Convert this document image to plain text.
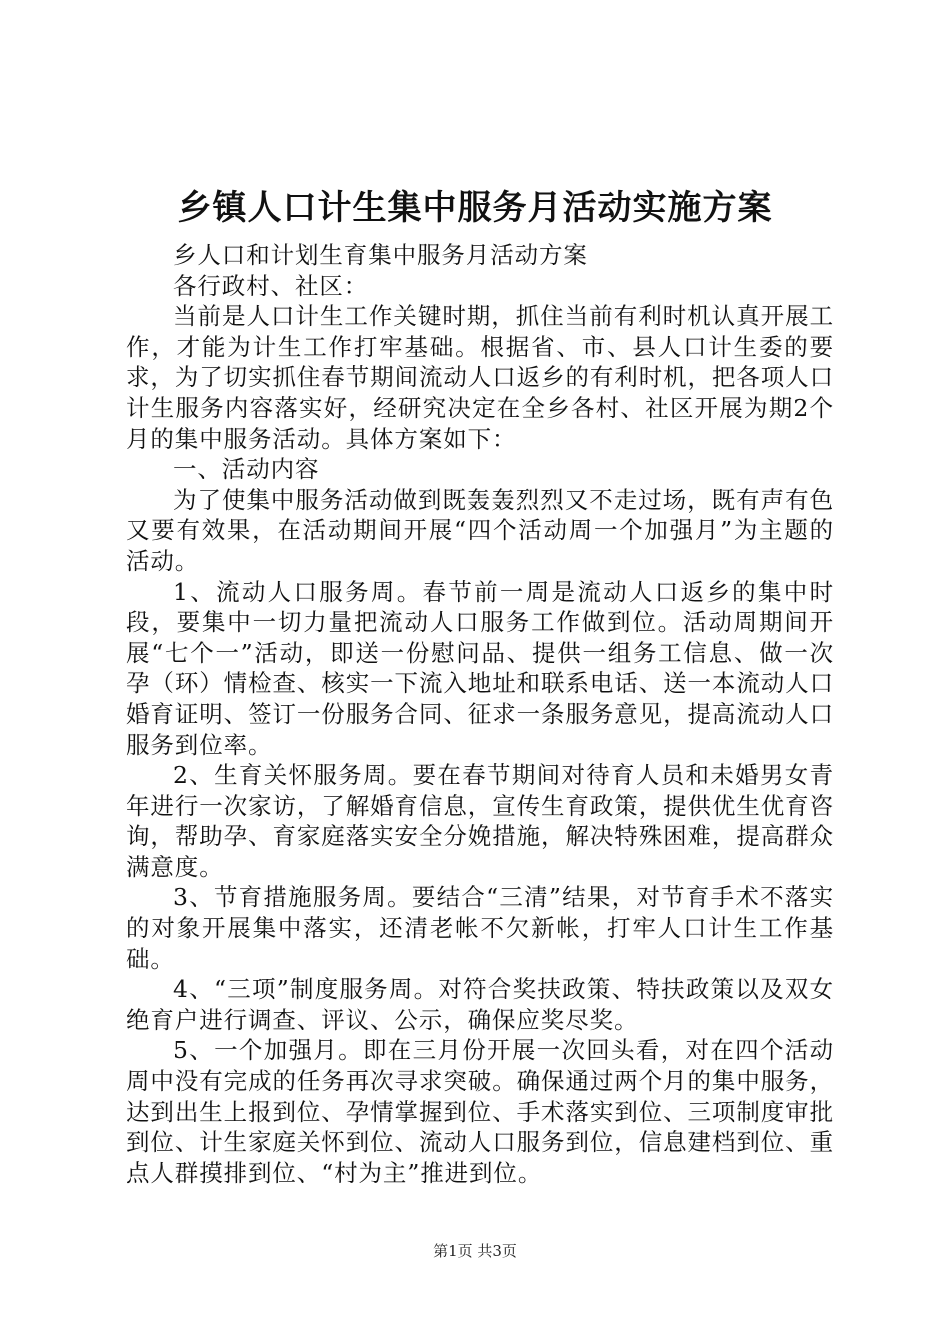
乡镇人口计生集中服务月活动实施方案

乡人口和计划生育集中服务月活动方案

各行政村、社区：

当前是人口计生工作关键时期，抓住当前有利时机认真开展工作，才能为计生工作打牢基础。根据省、市、县人口计生委的要求，为了切实抓住春节期间流动人口返乡的有利时机，把各项人口计生服务内容落实好，经研究决定在全乡各村、社区开展为期2个月的集中服务活动。具体方案如下：

一、活动内容

为了使集中服务活动做到既轰轰烈烈又不走过场，既有声有色又要有效果，在活动期间开展“四个活动周一个加强月”为主题的活动。

1、流动人口服务周。春节前一周是流动人口返乡的集中时段，要集中一切力量把流动人口服务工作做到位。活动周期间开展“七个一”活动，即送一份慰问品、提供一组务工信息、做一次孕（环）情检查、核实一下流入地址和联系电话、送一本流动人口婚育证明、签订一份服务合同、征求一条服务意见，提高流动人口服务到位率。

2、生育关怀服务周。要在春节期间对待育人员和未婚男女青年进行一次家访，了解婚育信息，宣传生育政策，提供优生优育咨询，帮助孕、育家庭落实安全分娩措施，解决特殊困难，提高群众满意度。

3、节育措施服务周。要结合“三清”结果，对节育手术不落实的对象开展集中落实，还清老帐不欠新帐，打牢人口计生工作基础。

4、“三项”制度服务周。对符合奖扶政策、特扶政策以及双女绝育户进行调查、评议、公示，确保应奖尽奖。

5、一个加强月。即在三月份开展一次回头看，对在四个活动周中没有完成的任务再次寻求突破。确保通过两个月的集中服务，达到出生上报到位、孕情掌握到位、手术落实到位、三项制度审批到位、计生家庭关怀到位、流动人口服务到位，信息建档到位、重点人群摸排到位、“村为主”推进到位。

第1页 共3页
